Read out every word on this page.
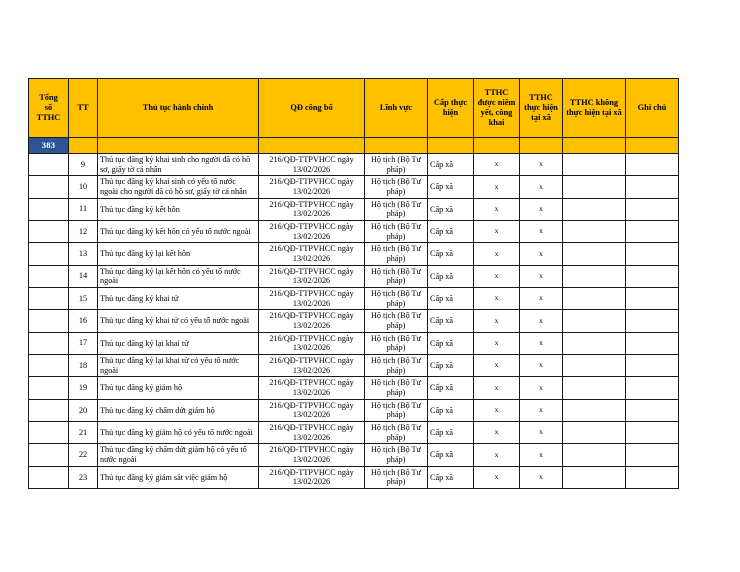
Tổng
số
TTHC	TT	Thủ tục hành chính	QĐ công bố	Lĩnh vực	Cấp thực hiện	TTHC được niêm yết, công khai	TTHC thực hiện tại xã	TTHC không thực hiện tại xã	Ghi chú
383									
	9	Thủ tục đăng ký khai sinh cho người đã có hồ sơ, giấy tờ cá nhân	216/QĐ-TTPVHCC ngày 13/02/2026	Hộ tịch (Bộ Tư pháp)	Cấp xã	x	x		
	10	Thủ tục đăng ký khai sinh có yếu tố nước ngoài cho người đã có hồ sơ, giấy tờ cá nhân	216/QĐ-TTPVHCC ngày 13/02/2026	Hộ tịch (Bộ Tư pháp)	Cấp xã	x	x		
	11	Thủ tục đăng ký kết hôn	216/QĐ-TTPVHCC ngày 13/02/2026	Hộ tịch (Bộ Tư pháp)	Cấp xã	x	x		
	12	Thủ tục đăng ký kết hôn có yếu tố nước ngoài	216/QĐ-TTPVHCC ngày 13/02/2026	Hộ tịch (Bộ Tư pháp)	Cấp xã	x	x		
	13	Thủ tục đăng ký lại kết hôn	216/QĐ-TTPVHCC ngày 13/02/2026	Hộ tịch (Bộ Tư pháp)	Cấp xã	x	x		
	14	Thủ tục đăng ký lại kết hôn có yếu tố nước ngoài	216/QĐ-TTPVHCC ngày 13/02/2026	Hộ tịch (Bộ Tư pháp)	Cấp xã	x	x		
	15	Thủ tục đăng ký khai tử	216/QĐ-TTPVHCC ngày 13/02/2026	Hộ tịch (Bộ Tư pháp)	Cấp xã	x	x		
	16	Thủ tục đăng ký khai tử có yếu tố nước ngoài	216/QĐ-TTPVHCC ngày 13/02/2026	Hộ tịch (Bộ Tư pháp)	Cấp xã	x	x		
	17	Thủ tục đăng ký lại khai tử	216/QĐ-TTPVHCC ngày 13/02/2026	Hộ tịch (Bộ Tư pháp)	Cấp xã	x	x		
	18	Thủ tục đăng ký lại khai tử có yếu tố nước ngoài	216/QĐ-TTPVHCC ngày 13/02/2026	Hộ tịch (Bộ Tư pháp)	Cấp xã	x	x		
	19	Thủ tục đăng ký giám hộ	216/QĐ-TTPVHCC ngày 13/02/2026	Hộ tịch (Bộ Tư pháp)	Cấp xã	x	x		
	20	Thủ tục đăng ký chấm dứt giám hộ	216/QĐ-TTPVHCC ngày 13/02/2026	Hộ tịch (Bộ Tư pháp)	Cấp xã	x	x		
	21	Thủ tục đăng ký giám hộ có yếu tố nước ngoài	216/QĐ-TTPVHCC ngày 13/02/2026	Hộ tịch (Bộ Tư pháp)	Cấp xã	x	x		
	22	Thủ tục đăng ký chấm dứt giám hộ có yếu tố nước ngoài	216/QĐ-TTPVHCC ngày 13/02/2026	Hộ tịch (Bộ Tư pháp)	Cấp xã	x	x		
	23	Thủ tục đăng ký giám sát việc giám hộ	216/QĐ-TTPVHCC ngày 13/02/2026	Hộ tịch (Bộ Tư pháp)	Cấp xã	x	x		
